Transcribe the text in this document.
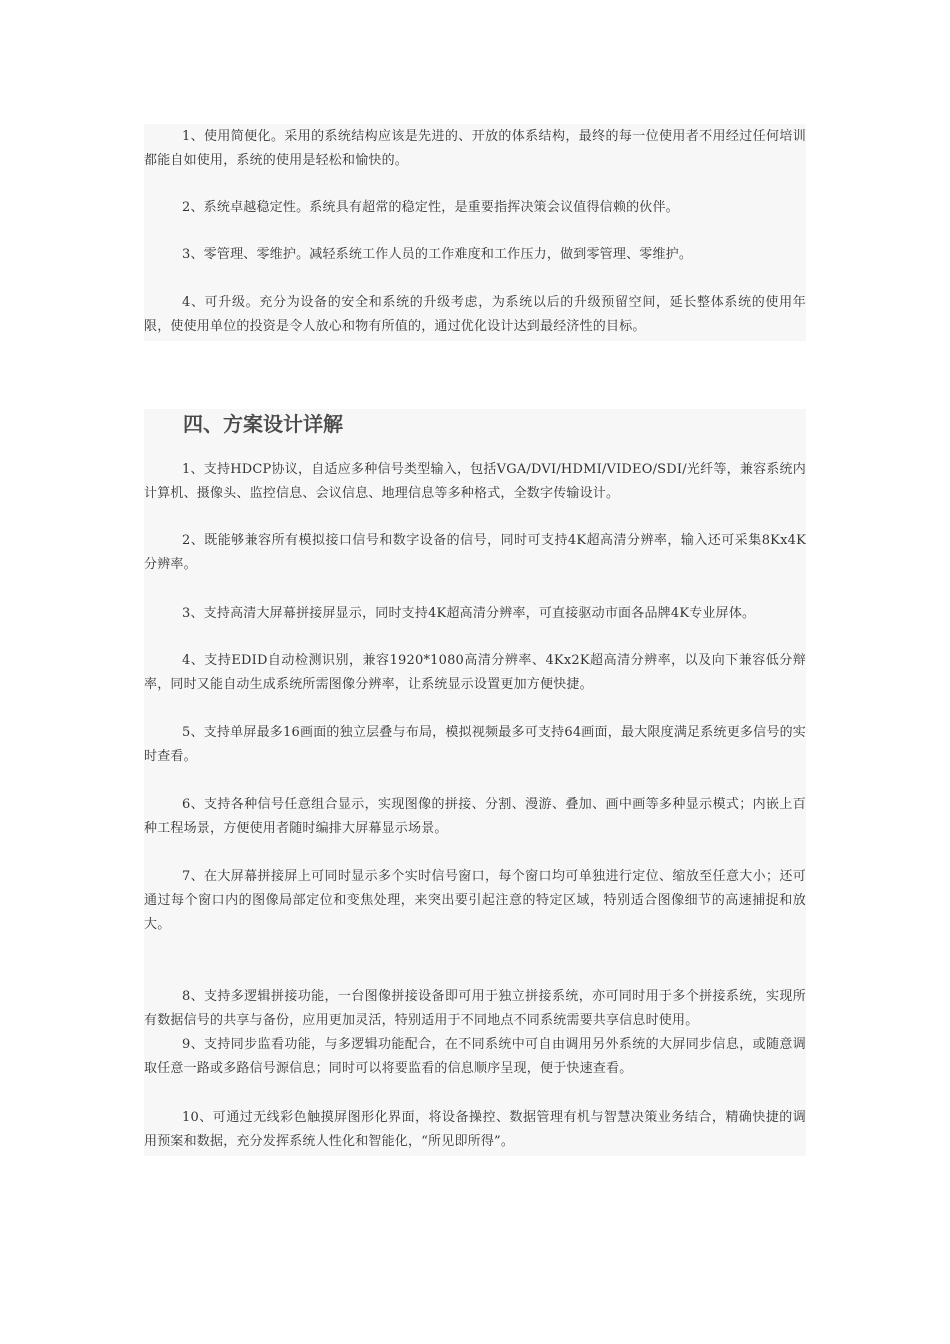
1、使用简便化。采用的系统结构应该是先进的、开放的体系结构，最终的每一位使用者不用经过任何培训都能自如使用，系统的使用是轻松和愉快的。

2、系统卓越稳定性。系统具有超常的稳定性，是重要指挥决策会议值得信赖的伙伴。

3、零管理、零维护。减轻系统工作人员的工作难度和工作压力，做到零管理、零维护。

4、可升级。充分为设备的安全和系统的升级考虑，为系统以后的升级预留空间，延长整体系统的使用年限，使使用单位的投资是令人放心和物有所值的，通过优化设计达到最经济性的目标。

四、方案设计详解

1、支持HDCP协议，自适应多种信号类型输入，包括VGA/DVI/HDMI/VIDEO/SDI/光纤等，兼容系统内计算机、摄像头、监控信息、会议信息、地理信息等多种格式，全数字传输设计。

2、既能够兼容所有模拟接口信号和数字设备的信号，同时可支持4K超高清分辨率，输入还可采集8Kx4K分辨率。

3、支持高清大屏幕拼接屏显示，同时支持4K超高清分辨率，可直接驱动市面各品牌4K专业屏体。

4、支持EDID自动检测识别，兼容1920*1080高清分辨率、4Kx2K超高清分辨率，以及向下兼容低分辩率，同时又能自动生成系统所需图像分辨率，让系统显示设置更加方便快捷。

5、支持单屏最多16画面的独立层叠与布局，模拟视频最多可支持64画面，最大限度满足系统更多信号的实时查看。

6、支持各种信号任意组合显示，实现图像的拼接、分割、漫游、叠加、画中画等多种显示模式；内嵌上百种工程场景，方便使用者随时编排大屏幕显示场景。

7、在大屏幕拼接屏上可同时显示多个实时信号窗口，每个窗口均可单独进行定位、缩放至任意大小；还可通过每个窗口内的图像局部定位和变焦处理，来突出要引起注意的特定区域，特别适合图像细节的高速捕捉和放大。

8、支持多逻辑拼接功能，一台图像拼接设备即可用于独立拼接系统，亦可同时用于多个拼接系统，实现所有数据信号的共享与备份，应用更加灵活，特别适用于不同地点不同系统需要共享信息时使用。

9、支持同步监看功能，与多逻辑功能配合，在不同系统中可自由调用另外系统的大屏同步信息，或随意调取任意一路或多路信号源信息；同时可以将要监看的信息顺序呈现，便于快速查看。

10、可通过无线彩色触摸屏图形化界面，将设备操控、数据管理有机与智慧决策业务结合，精确快捷的调用预案和数据，充分发挥系统人性化和智能化，“所见即所得”。
